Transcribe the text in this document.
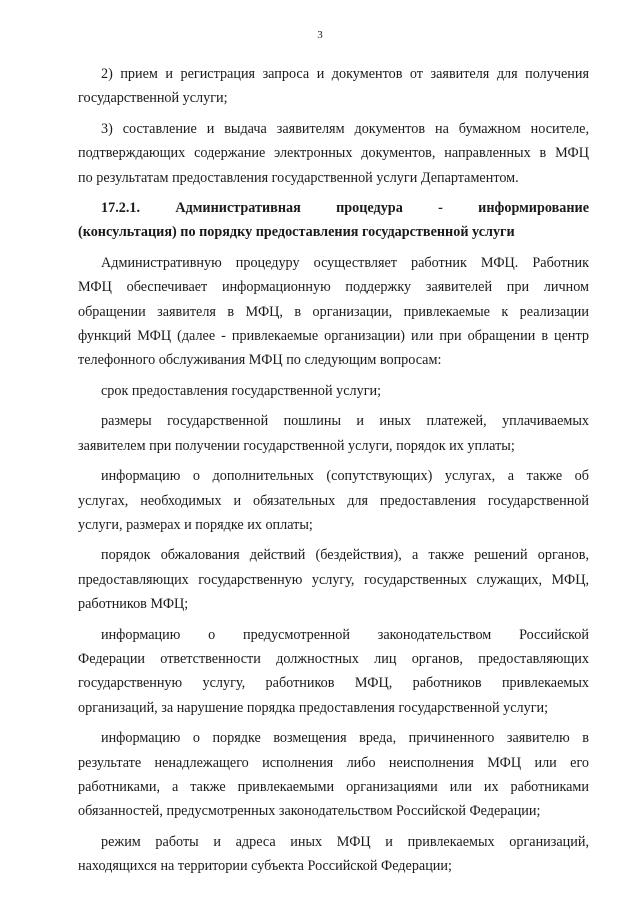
3
2) прием и регистрация запроса и документов от заявителя для получения
государственной услуги;
3) составление и выдача заявителям документов на бумажном носителе,
подтверждающих содержание электронных документов, направленных в МФЦ
по результатам предоставления государственной услуги Департаментом.
17.2.1. Административная процедура - информирование
(консультация) по порядку предоставления государственной услуги
Административную процедуру осуществляет работник МФЦ. Работник
МФЦ обеспечивает информационную поддержку заявителей при личном
обращении заявителя в МФЦ, в организации, привлекаемые к реализации
функций МФЦ (далее - привлекаемые организации) или при обращении в центр
телефонного обслуживания МФЦ по следующим вопросам:
срок предоставления государственной услуги;
размеры государственной пошлины и иных платежей, уплачиваемых
заявителем при получении государственной услуги, порядок их уплаты;
информацию о дополнительных (сопутствующих) услугах, а также об
услугах, необходимых и обязательных для предоставления государственной
услуги, размерах и порядке их оплаты;
порядок обжалования действий (бездействия), а также решений органов,
предоставляющих государственную услугу, государственных служащих, МФЦ,
работников МФЦ;
информацию о предусмотренной законодательством Российской
Федерации ответственности должностных лиц органов, предоставляющих
государственную услугу, работников МФЦ, работников привлекаемых
организаций, за нарушение порядка предоставления государственной услуги;
информацию о порядке возмещения вреда, причиненного заявителю в
результате ненадлежащего исполнения либо неисполнения МФЦ или его
работниками, а также привлекаемыми организациями или их работниками
обязанностей, предусмотренных законодательством Российской Федерации;
режим работы и адреса иных МФЦ и привлекаемых организаций,
находящихся на территории субъекта Российской Федерации;
